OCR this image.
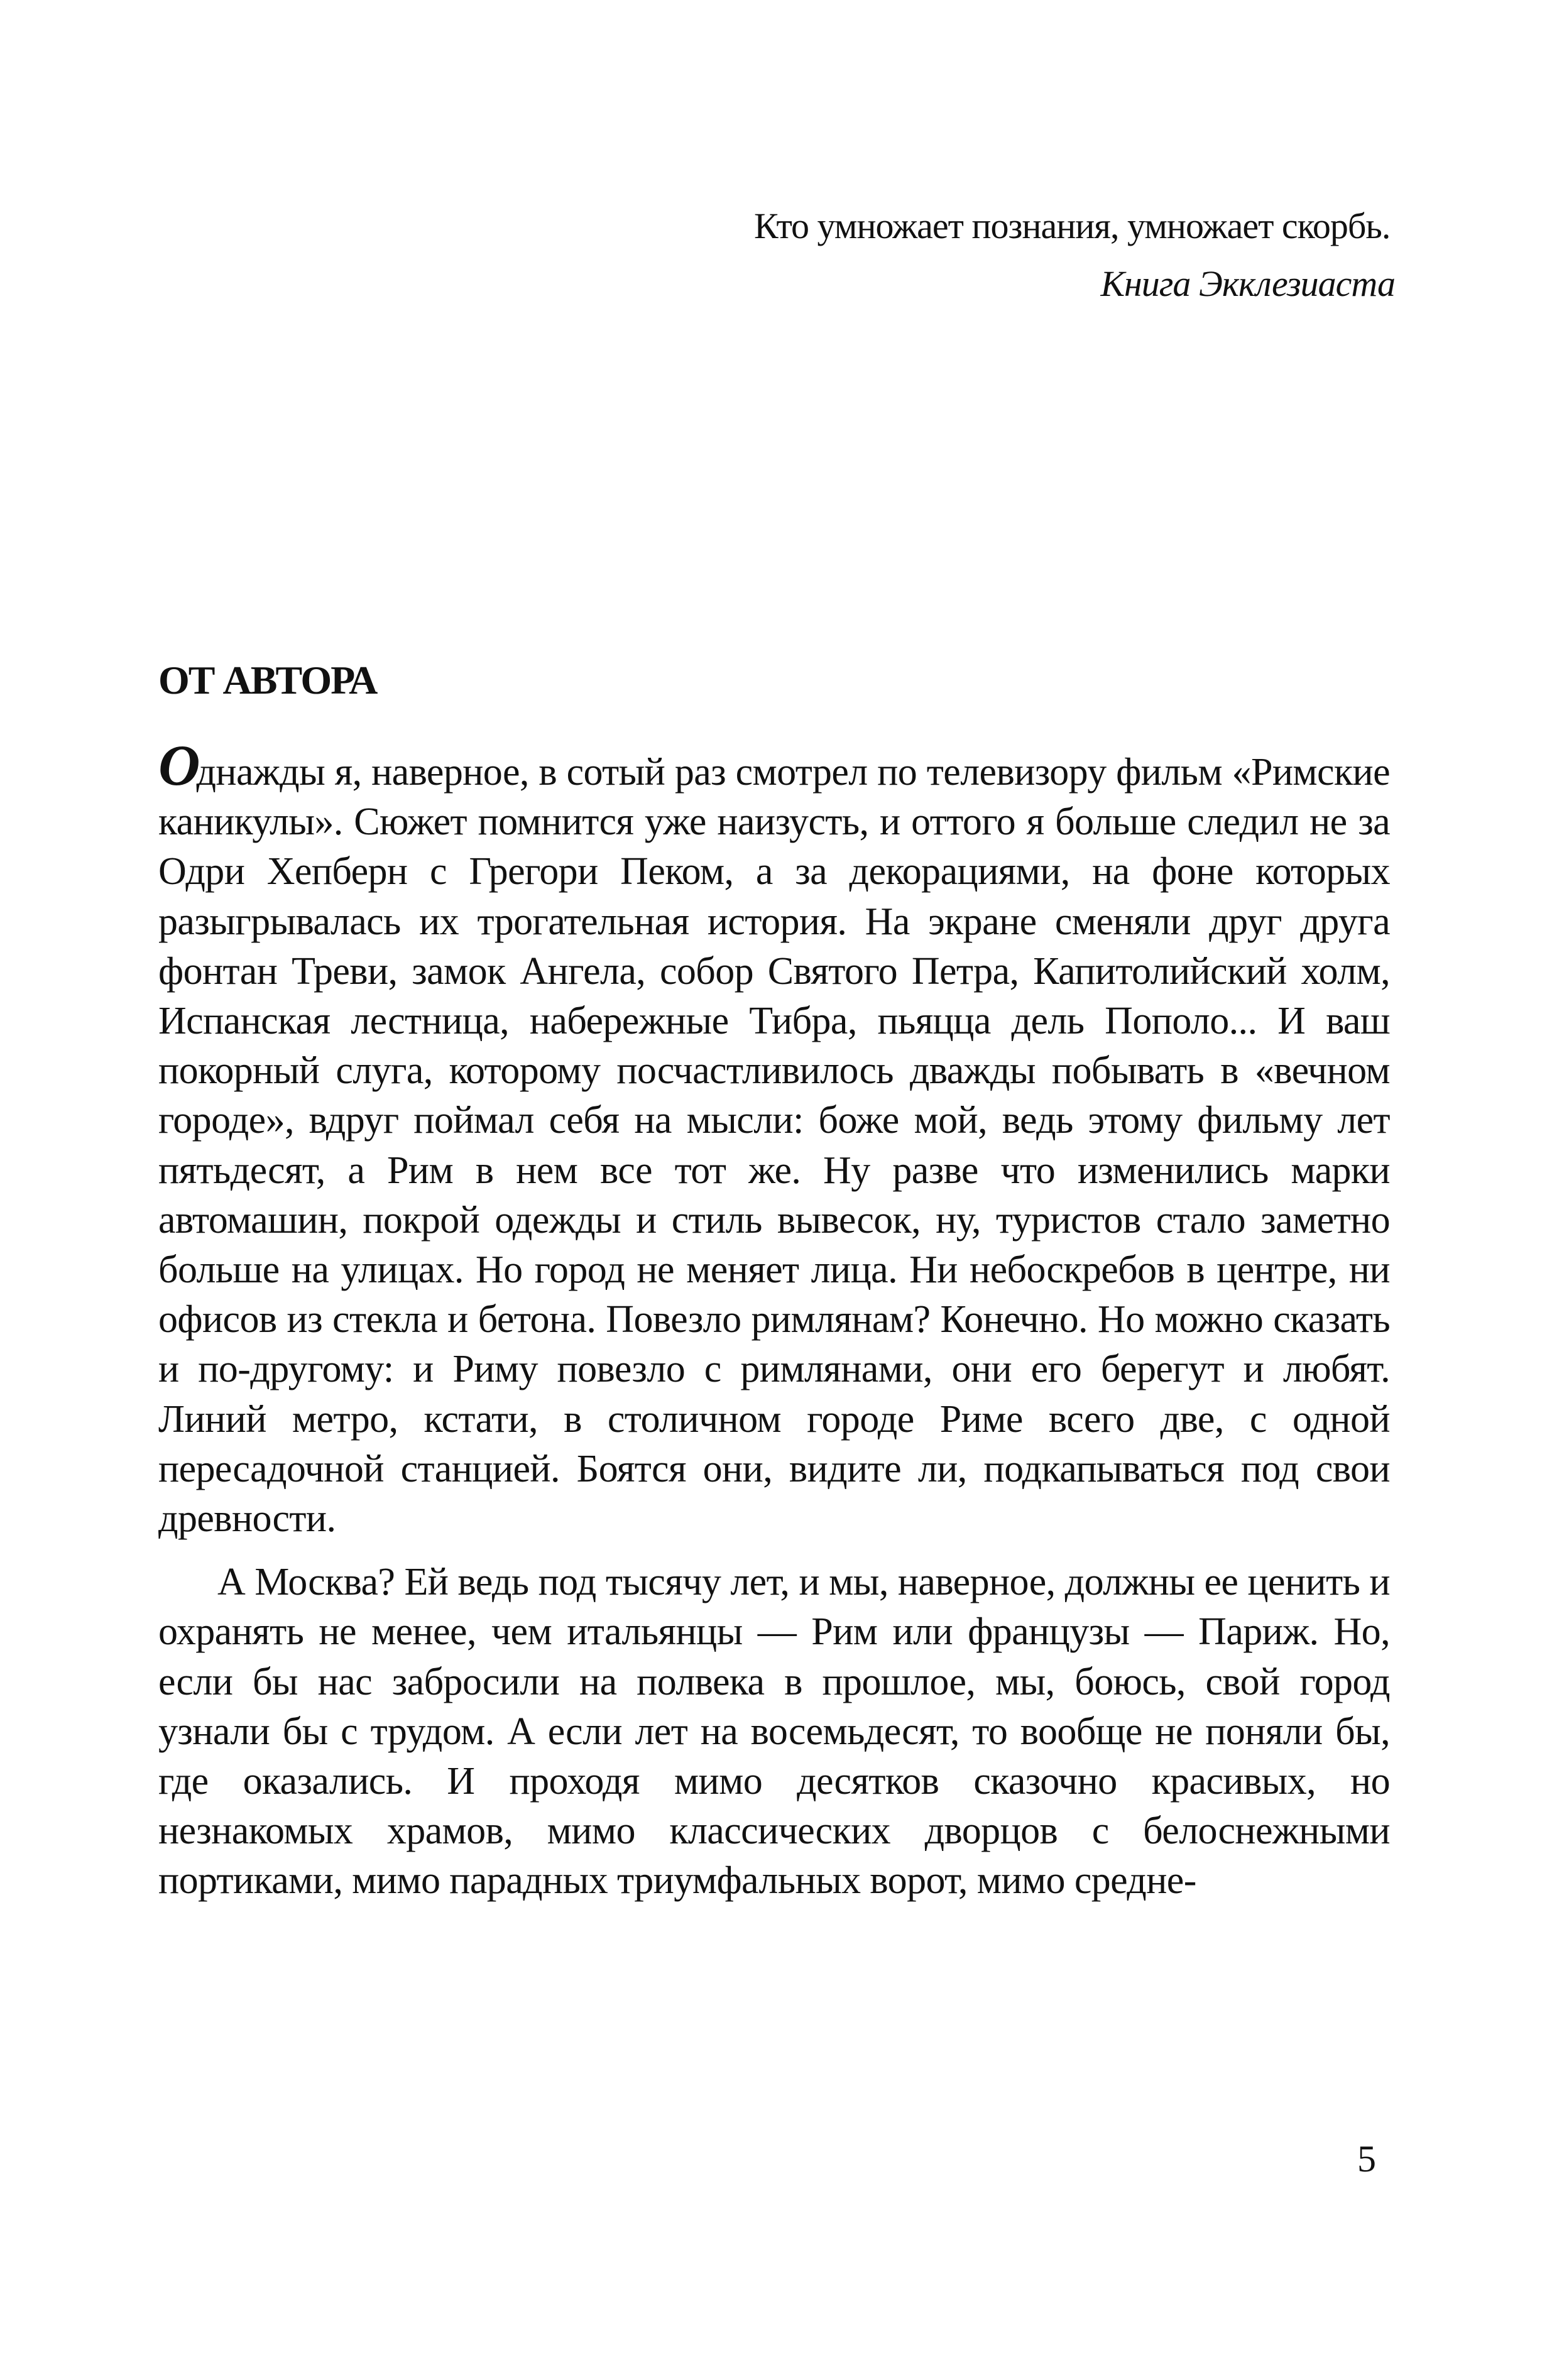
Кто умножает познания, умножает скорбь.

Книга Экклезиаста

ОТ АВТОРА

Однажды я, наверное, в сотый раз смотрел по телевизору фильм «Римские каникулы». Сюжет помнится уже наизусть, и оттого я больше следил не за Одри Хепберн с Грегори Пеком, а за декорациями, на фоне которых разыгрывалась их трогательная история. На экране сменяли друг друга фонтан Треви, замок Ангела, собор Святого Петра, Капитолийский холм, Испанская лестница, набережные Тибра, пьяцца дель Пополо... И ваш покорный слуга, которому посчастливилось дважды побывать в «вечном городе», вдруг поймал себя на мысли: боже мой, ведь этому фильму лет пятьдесят, а Рим в нем все тот же. Ну разве что изменились марки автомашин, покрой одежды и стиль вывесок, ну, туристов стало заметно больше на улицах. Но город не меняет лица. Ни небоскребов в центре, ни офисов из стекла и бетона. Повезло римлянам? Конечно. Но можно сказать и по-другому: и Риму повезло с римлянами, они его берегут и любят. Линий метро, кстати, в столичном городе Риме всего две, с одной пересадочной станцией. Боятся они, видите ли, подкапываться под свои древности.

А Москва? Ей ведь под тысячу лет, и мы, наверное, должны ее ценить и охранять не менее, чем итальянцы — Рим или французы — Париж. Но, если бы нас забросили на полвека в прошлое, мы, боюсь, свой город узнали бы с трудом. А если лет на восемьдесят, то вообще не поняли бы, где оказались. И проходя мимо десятков сказочно красивых, но незнакомых храмов, мимо классических дворцов с белоснежными портиками, мимо парадных триумфальных ворот, мимо средне-

5
